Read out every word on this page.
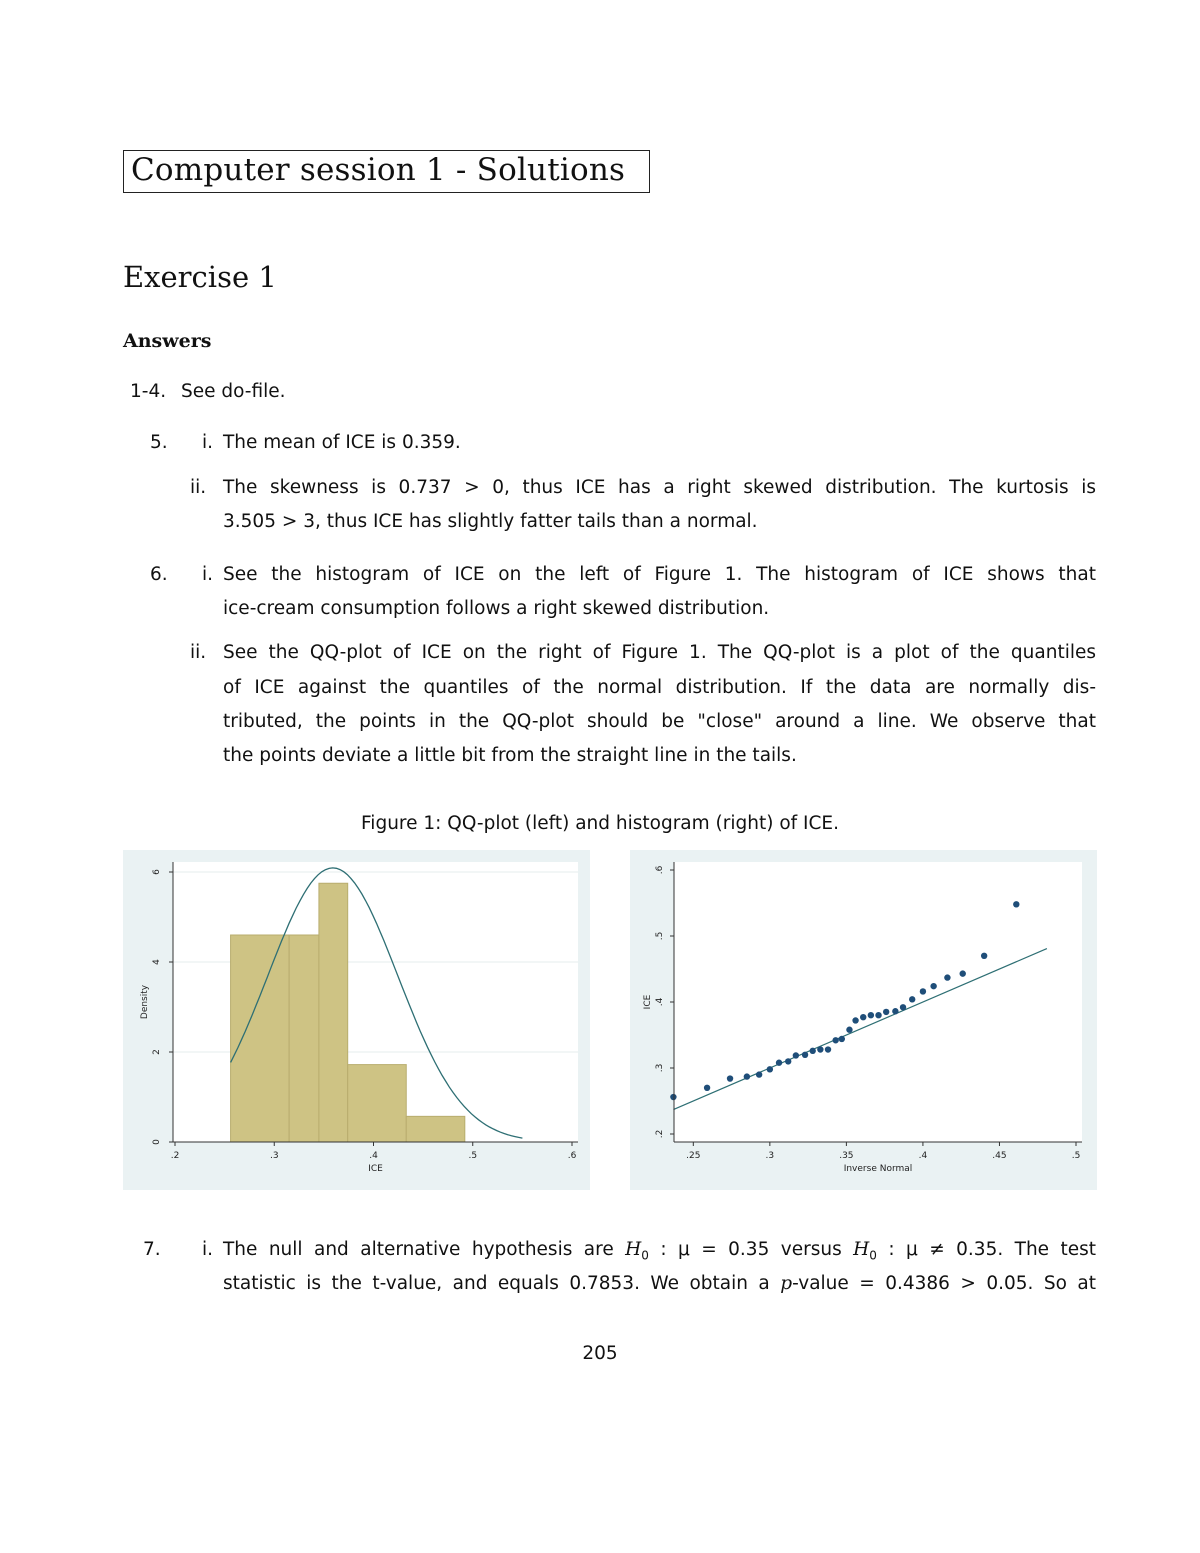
Computer session 1 - Solutions
Exercise 1
Answers
1-4. See do-file.
5. i. The mean of ICE is 0.359.
ii. The skewness is 0.737 > 0, thus ICE has a right skewed distribution. The kurtosis is
3.505 > 3, thus ICE has slightly fatter tails than a normal.
6. i. See the histogram of ICE on the left of Figure 1. The histogram of ICE shows that
ice-cream consumption follows a right skewed distribution.
ii. See the QQ-plot of ICE on the right of Figure 1. The QQ-plot is a plot of the quantiles
of ICE against the quantiles of the normal distribution. If the data are normally dis-
tributed, the points in the QQ-plot should be "close" around a line. We observe that
the points deviate a little bit from the straight line in the tails.
Figure 1: QQ-plot (left) and histogram (right) of ICE.
0
2
4
6
.2	.3	.4	.5	.6
ICE
Density
.2
.3
.4
.5
.6
.25	.3	.35	.4	.45	.5
Inverse Normal
ICE
7. i. The null and alternative hypothesis are $H_0$ : μ = 0.35 versus $H_0$ : μ ≠ 0.35. The test
statistic is the t-value, and equals 0.7853. We obtain a p-value = 0.4386 > 0.05. So at
205
